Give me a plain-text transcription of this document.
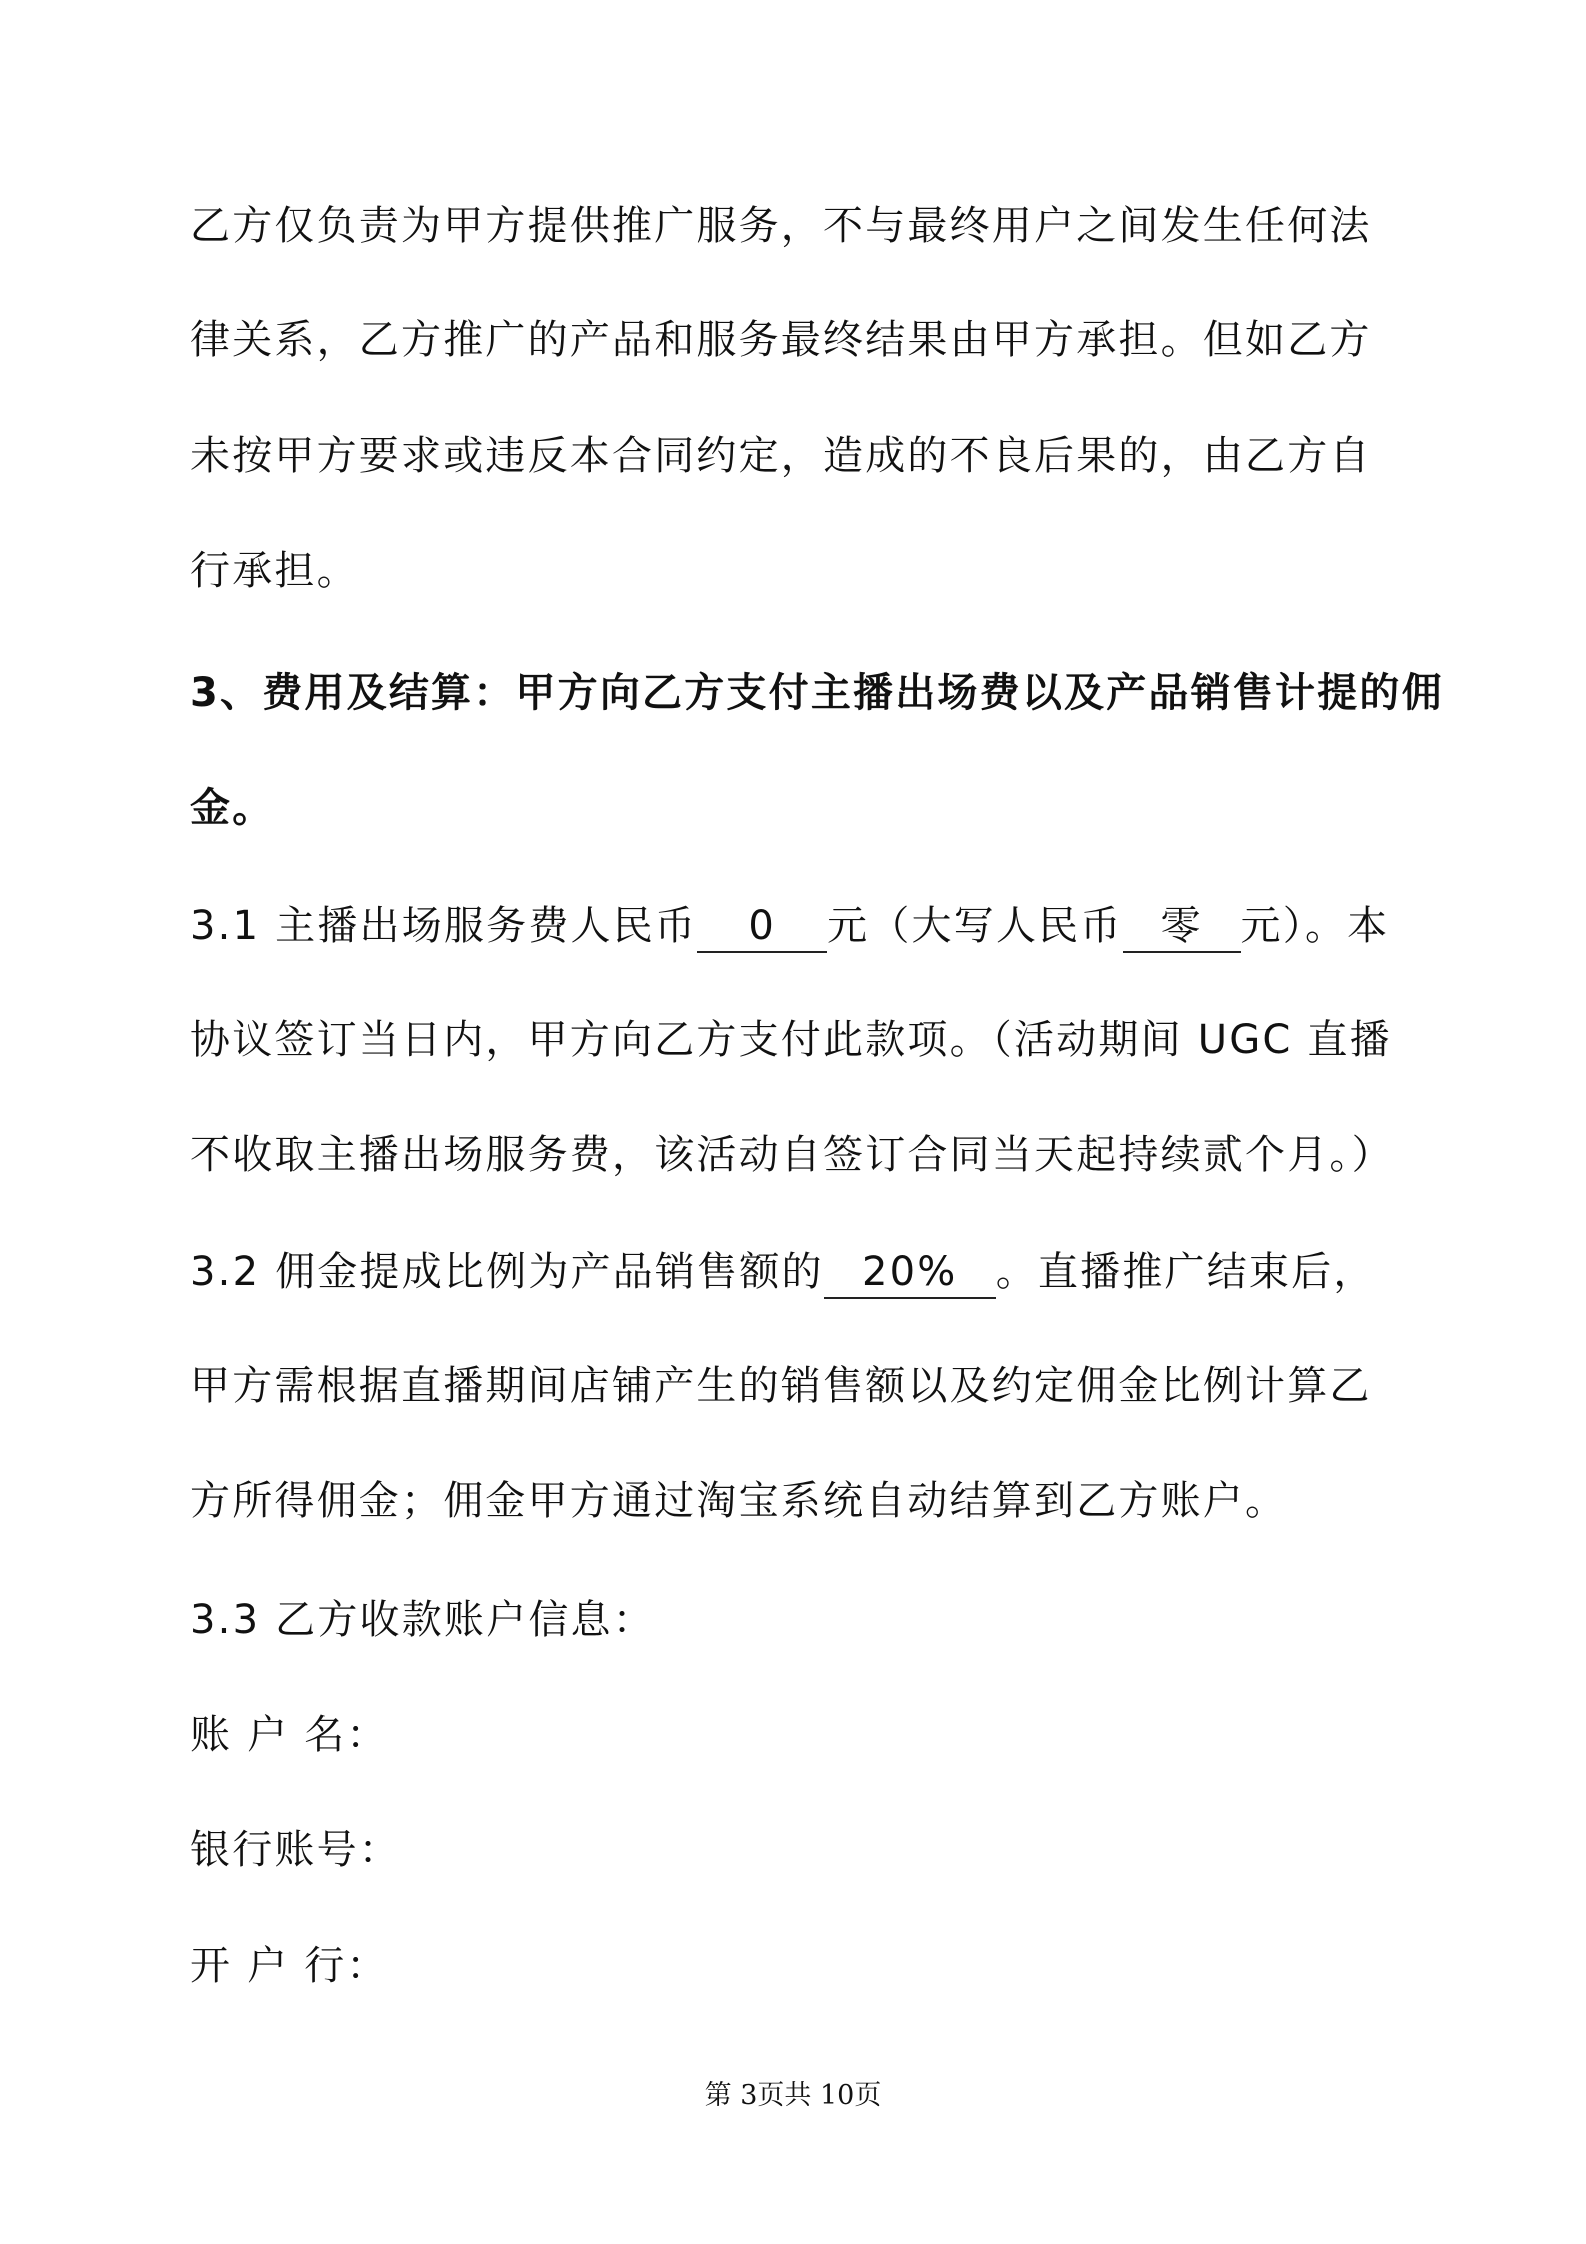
乙方仅负责为甲方提供推广服务，不与最终用户之间发生任何法
律关系，乙方推广的产品和服务最终结果由甲方承担。但如乙方
未按甲方要求或违反本合同约定，造成的不良后果的，由乙方自
行承担。
3、费用及结算：甲方向乙方支付主播出场费以及产品销售计提的佣
金。
3.1 主播出场服务费人民币 0 元（大写人民币 零 元）。本
协议签订当日内，甲方向乙方支付此款项。（活动期间 UGC 直播
不收取主播出场服务费，该活动自签订合同当天起持续贰个月。）
3.2 佣金提成比例为产品销售额的 20% 。直播推广结束后，
甲方需根据直播期间店铺产生的销售额以及约定佣金比例计算乙
方所得佣金；佣金甲方通过淘宝系统自动结算到乙方账户。
3.3 乙方收款账户信息：
账 户 名：
银行账号：
开 户 行：
第 3页共 10页
